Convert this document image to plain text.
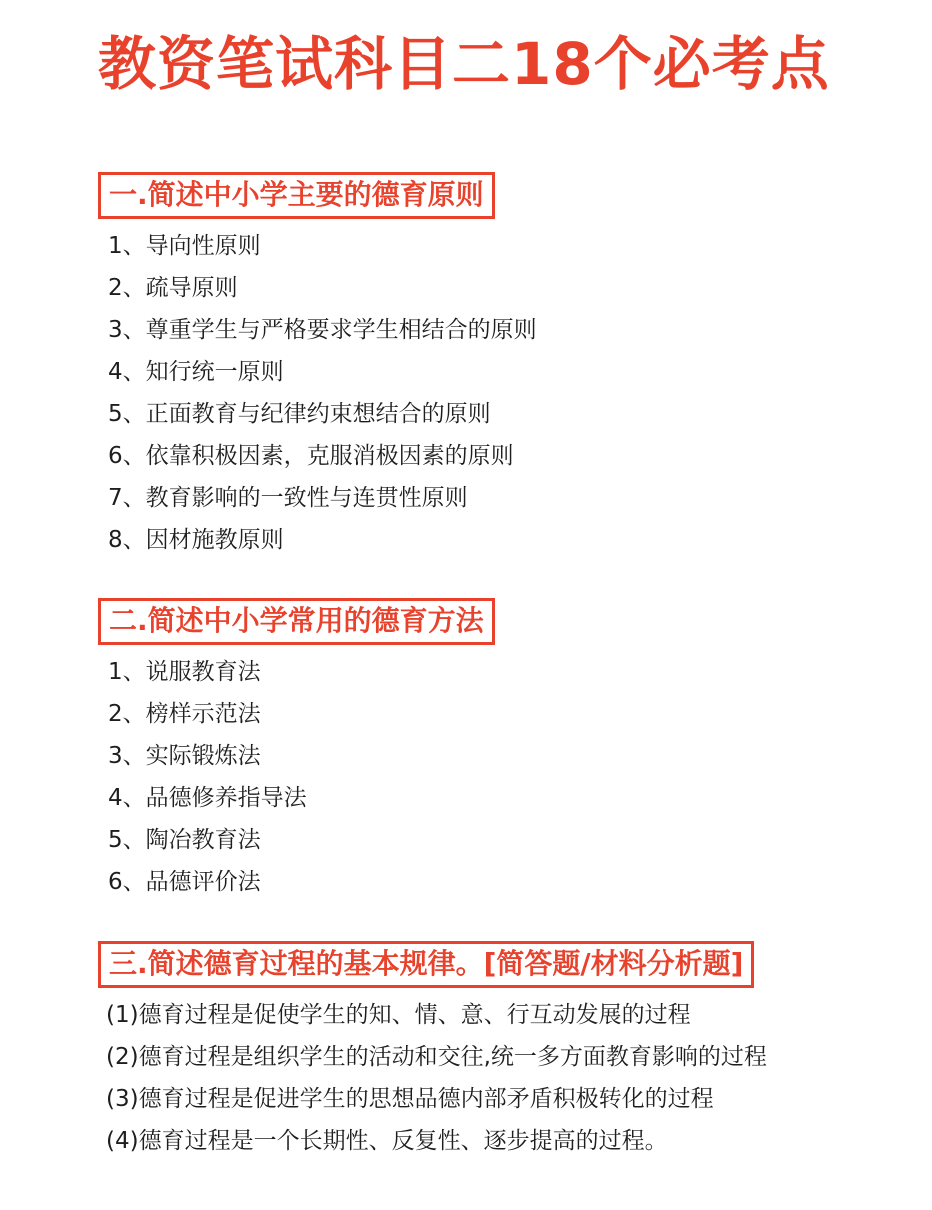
教资笔试科目二18个必考点
一.简述中小学主要的德育原则
1、导向性原则
2、疏导原则
3、尊重学生与严格要求学生相结合的原则
4、知行统一原则
5、正面教育与纪律约束想结合的原则
6、依靠积极因素，克服消极因素的原则
7、教育影响的一致性与连贯性原则
8、因材施教原则
二.简述中小学常用的德育方法
1、说服教育法
2、榜样示范法
3、实际锻炼法
4、品德修养指导法
5、陶冶教育法
6、品德评价法
三.简述德育过程的基本规律。[简答题/材料分析题]
(1)德育过程是促使学生的知、情、意、行互动发展的过程
(2)德育过程是组织学生的活动和交往,统一多方面教育影响的过程
(3)德育过程是促进学生的思想品德内部矛盾积极转化的过程
(4)德育过程是一个长期性、反复性、逐步提高的过程。
